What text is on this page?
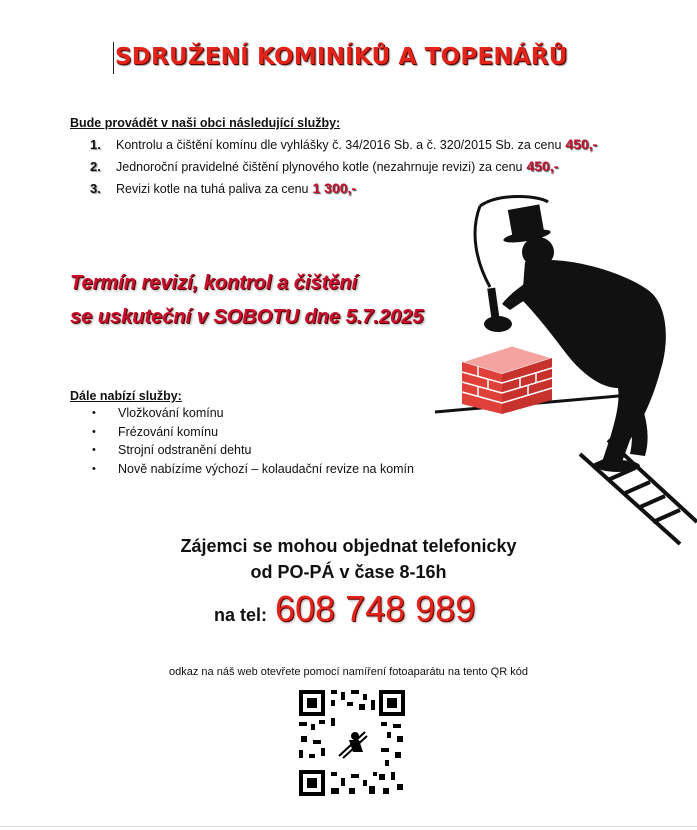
SDRUŽENÍ KOMINÍKŮ A TOPENÁŘŮ
Bude provádět v naši obci následující služby:
1.	Kontrolu a čištění komínu dle vyhlášky č. 34/2016 Sb. a č. 320/2015 Sb. za cenu 450,-
2.	Jednoroční pravidelné čištění plynového kotle (nezahrnuje revizi) za cenu 450,-
3.	Revizi kotle na tuhá paliva za cenu 1 300,-
Termín revizí, kontrol a čištění
se uskuteční v SOBOTU dne 5.7.2025
Dále nabízí služby:
•	Vložkování komínu
•	Frézování komínu
•	Strojní odstranění dehtu
•	Nově nabízíme výchozí – kolaudační revize na komín
Zájemci se mohou objednat telefonicky
od PO-PÁ v čase 8-16h
na tel: 608 748 989
odkaz na náš web otevřete pomocí namíření fotoaparátu na tento QR kód
